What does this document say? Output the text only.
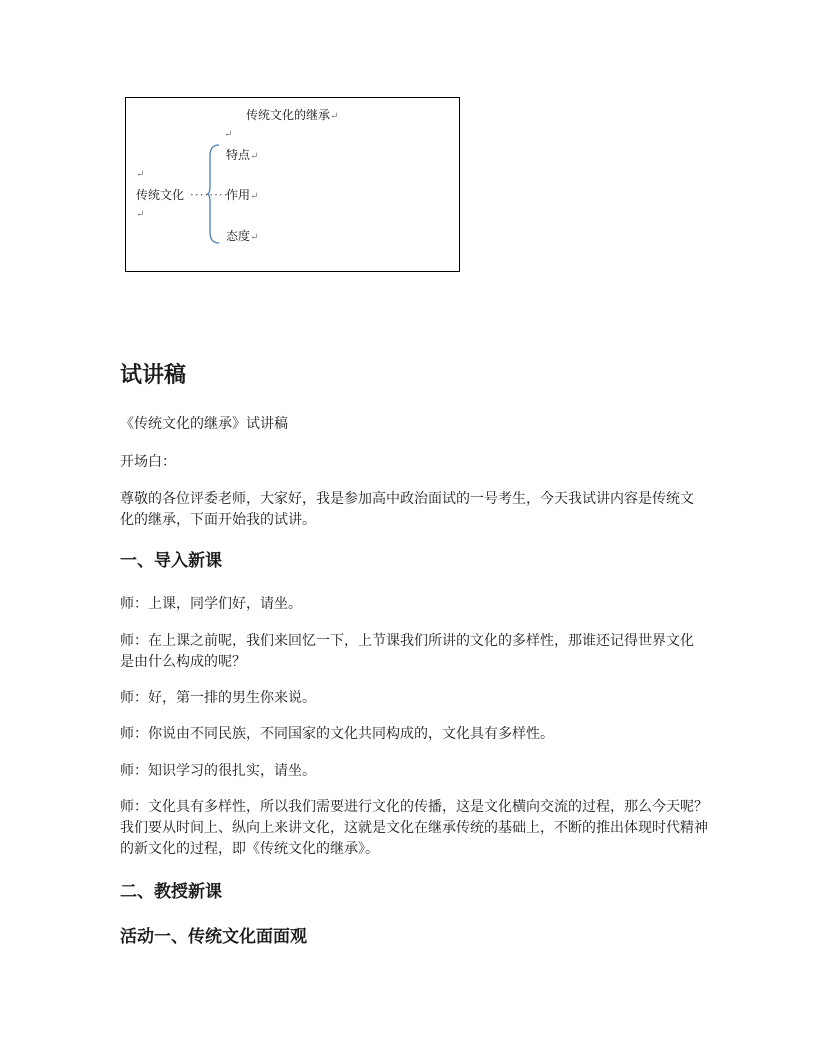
传统文化的继承↵
↵
↵
传统文化 ········
↵
特点↵
作用↵
态度↵
试讲稿

《传统文化的继承》试讲稿

开场白：

尊敬的各位评委老师，大家好，我是参加高中政治面试的一号考生，今天我试讲内容是传统文化的继承，下面开始我的试讲。

一、导入新课

师：上课，同学们好，请坐。

师：在上课之前呢，我们来回忆一下，上节课我们所讲的文化的多样性，那谁还记得世界文化是由什么构成的呢？

师：好，第一排的男生你来说。

师：你说由不同民族，不同国家的文化共同构成的，文化具有多样性。

师：知识学习的很扎实，请坐。

师：文化具有多样性，所以我们需要进行文化的传播，这是文化横向交流的过程，那么今天呢？我们要从时间上、纵向上来讲文化，这就是文化在继承传统的基础上，不断的推出体现时代精神的新文化的过程，即《传统文化的继承》。

二、教授新课
活动一、传统文化面面观
